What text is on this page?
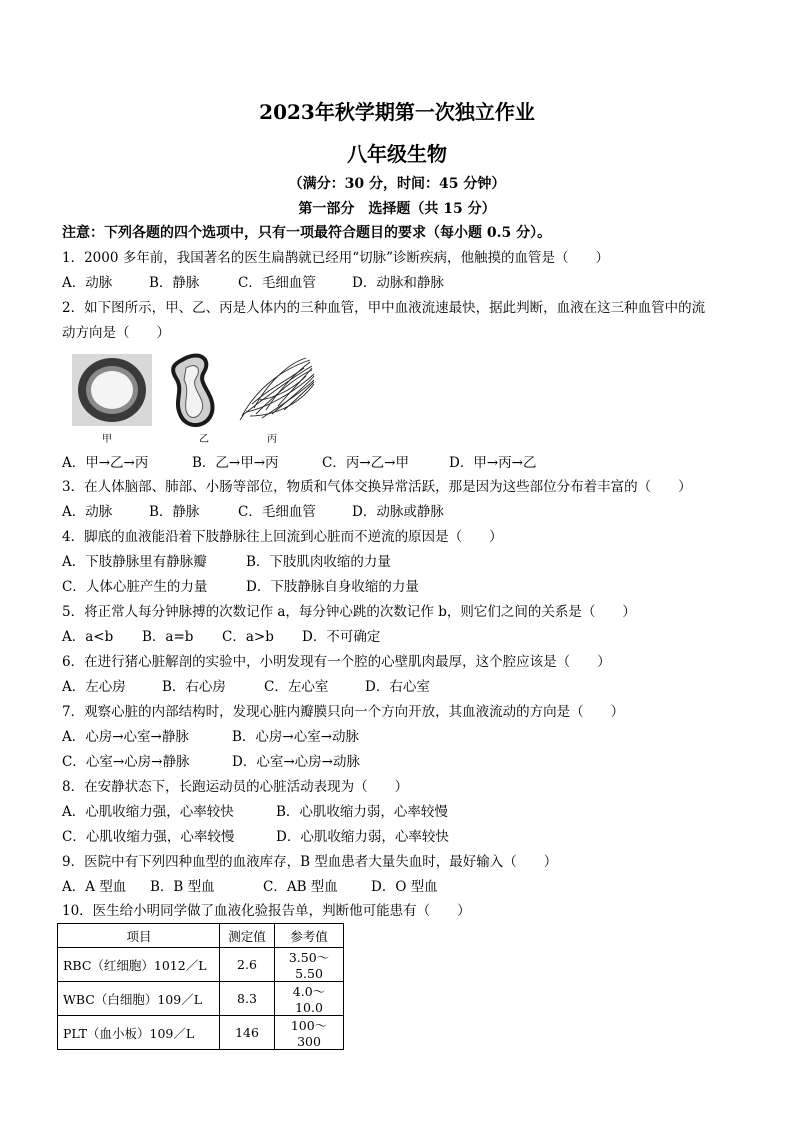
2023年秋学期第一次独立作业
八年级生物
（满分：30 分，时间：45 分钟）
第一部分　选择题（共 15 分）
注意：下列各题的四个选项中，只有一项最符合题目的要求（每小题 0.5 分）。
1．2000 多年前，我国著名的医生扁鹊就已经用“切脉”诊断疾病，他触摸的血管是（　　）
A．动脉	B．静脉	C．毛细血管	D．动脉和静脉
2．如下图所示，甲、乙、丙是人体内的三种血管，甲中血液流速最快，据此判断，血液在这三种血管中的流
动方向是（　　）
甲	乙	丙
A．甲→乙→丙	B．乙→甲→丙	C．丙→乙→甲	D．甲→丙→乙
3．在人体脑部、肺部、小肠等部位，物质和气体交换异常活跃，那是因为这些部位分布着丰富的（　　）
A．动脉	B．静脉	C．毛细血管	D．动脉或静脉
4．脚底的血液能沿着下肢静脉往上回流到心脏而不逆流的原因是（　　）
A．下肢静脉里有静脉瓣	B．下肢肌肉收缩的力量
C．人体心脏产生的力量	D．下肢静脉自身收缩的力量
5．将正常人每分钟脉搏的次数记作 a，每分钟心跳的次数记作 b，则它们之间的关系是（　　）
A．a<b B．a=b C．a>b D．不可确定
6．在进行猪心脏解剖的实验中，小明发现有一个腔的心壁肌肉最厚，这个腔应该是（　　）
A．左心房	B．右心房	C．左心室	D．右心室
7．观察心脏的内部结构时，发现心脏内瓣膜只向一个方向开放，其血液流动的方向是（　　）
A．心房→心室→静脉	B．心房→心室→动脉
C．心室→心房→静脉	D．心室→心房→动脉
8．在安静状态下，长跑运动员的心脏活动表现为（　　）
A．心肌收缩力强，心率较快	B．心肌收缩力弱，心率较慢
C．心肌收缩力强，心率较慢	D．心肌收缩力弱，心率较快
9．医院中有下列四种血型的血液库存，B 型血患者大量失血时，最好输入（　　）
A．A 型血 B．B 型血	C．AB 型血 D．O 型血
10．医生给小明同学做了血液化验报告单，判断他可能患有（　　）
项目	测定值	参考值
RBC（红细胞）1012／L	2.6	3.50～5.50
WBC（白细胞）109／L	8.3	4.0～10.0
PLT（血小板）109／L	146	100～300
